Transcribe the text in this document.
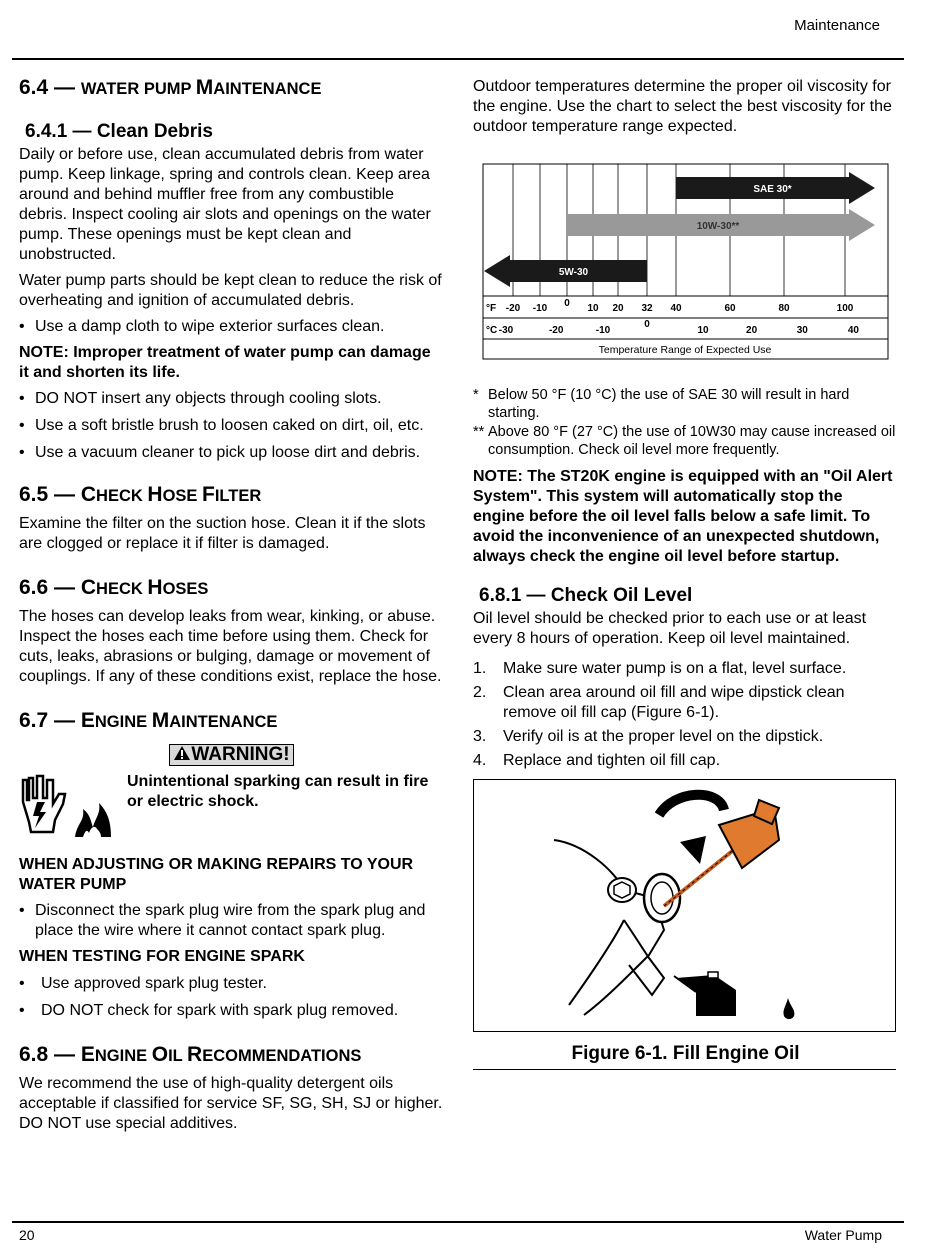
Maintenance
6.4 — WATER PUMP MAINTENANCE
6.4.1 — Clean Debris

Daily or before use, clean accumulated debris from water pump. Keep linkage, spring and controls clean. Keep area around and behind muffler free from any combustible debris. Inspect cooling air slots and openings on the water pump. These openings must be kept clean and unobstructed.

Water pump parts should be kept clean to reduce the risk of overheating and ignition of accumulated debris.

• Use a damp cloth to wipe exterior surfaces clean.

NOTE: Improper treatment of water pump can damage it and shorten its life.

• DO NOT insert any objects through cooling slots.
• Use a soft bristle brush to loosen caked on dirt, oil, etc.
• Use a vacuum cleaner to pick up loose dirt and debris.
6.5 — CHECK HOSE FILTER

Examine the filter on the suction hose. Clean it if the slots are clogged or replace it if filter is damaged.

6.6 — CHECK HOSES

The hoses can develop leaks from wear, kinking, or abuse. Inspect the hoses each time before using them. Check for cuts, leaks, abrasions or bulging, damage or movement of couplings. If any of these conditions exist, replace the hose.

6.7 — ENGINE MAINTENANCE
WARNING!

Unintentional sparking can result in fire or electric shock.

WHEN ADJUSTING OR MAKING REPAIRS TO YOUR WATER PUMP

• Disconnect the spark plug wire from the spark plug and place the wire where it cannot contact spark plug.

WHEN TESTING FOR ENGINE SPARK

•	Use approved spark plug tester.
•	DO NOT check for spark with spark plug removed.
6.8 — ENGINE OIL RECOMMENDATIONS

We recommend the use of high-quality detergent oils acceptable if classified for service SF, SG, SH, SJ or higher. DO NOT use special additives.

Outdoor temperatures determine the proper oil viscosity for the engine. Use the chart to select the best viscosity for the outdoor temperature range expected.

SAE 30*
10W-30**
5W-30
°F
°C
-20 -10 0 10 20 32 40	60	80	100
-30	-20	-10
0
10	20	30	40
Temperature Range of Expected Use
* Below 50 °F (10 °C) the use of SAE 30 will result in hard starting.
** Above 80 °F (27 °C) the use of 10W30 may cause increased oil consumption. Check oil level more frequently.

NOTE: The ST20K engine is equipped with an "Oil Alert System". This system will automatically stop the engine before the oil level falls below a safe limit. To avoid the inconvenience of an unexpected shutdown, always check the engine oil level before startup.

6.8.1 — Check Oil Level

Oil level should be checked prior to each use or at least every 8 hours of operation. Keep oil level maintained.

1.	Make sure water pump is on a flat, level surface.
2.	Clean area around oil fill and wipe dipstick clean remove oil fill cap (Figure 6-1).
3.	Verify oil is at the proper level on the dipstick.
4.	Replace and tighten oil fill cap.
Figure 6-1. Fill Engine Oil
20	Water Pump
